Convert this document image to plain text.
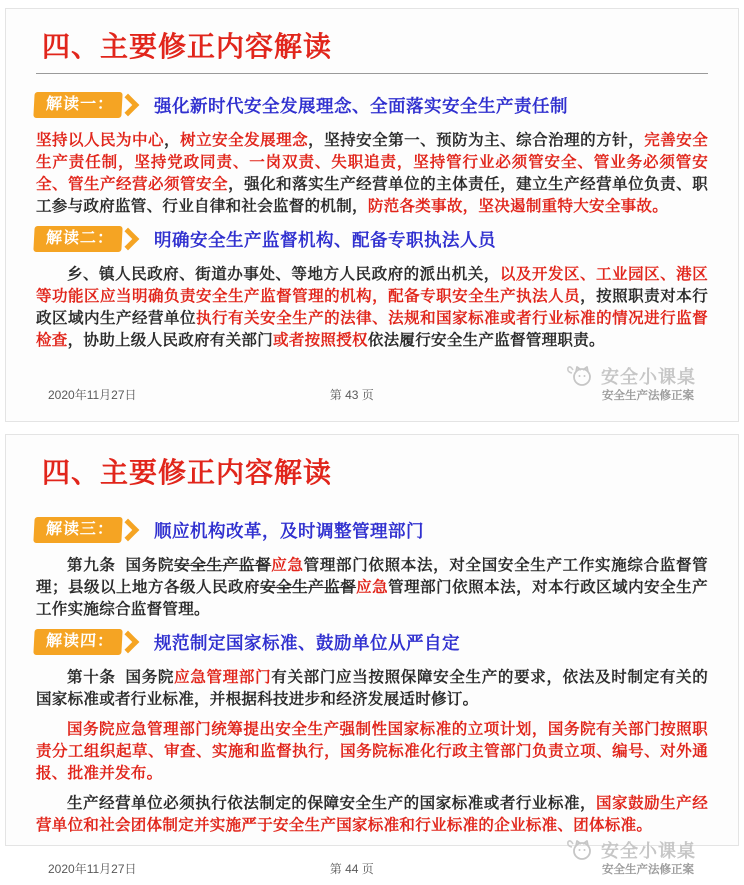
四、主要修正内容解读
解读一：	强化新时代安全发展理念、全面落实安全生产责任制

坚持以人民为中心，树立安全发展理念，坚持安全第一、预防为主、综合治理的方针，完善安全生产责任制，坚持党政同责、一岗双责、失职追责，坚持管行业必须管安全、管业务必须管安全、管生产经营必须管安全，强化和落实生产经营单位的主体责任，建立生产经营单位负责、职工参与政府监管、行业自律和社会监督的机制，防范各类事故，坚决遏制重特大安全事故。

解读二：	明确安全生产监督机构、配备专职执法人员

乡、镇人民政府、街道办事处、等地方人民政府的派出机关，以及开发区、工业园区、港区等功能区应当明确负责安全生产监督管理的机构，配备专职安全生产执法人员，按照职责对本行政区域内生产经营单位执行有关安全生产的法律、法规和国家标准或者行业标准的情况进行监督检查，协助上级人民政府有关部门或者按照授权依法履行安全生产监督管理职责。

2020年11月27日	第 43 页
安全小课桌
安全生产法修正案
四、主要修正内容解读
解读三：	顺应机构改革，及时调整管理部门

第九条  国务院安全生产监督应急管理部门依照本法，对全国安全生产工作实施综合监督管理；县级以上地方各级人民政府安全生产监督应急管理部门依照本法，对本行政区域内安全生产工作实施综合监督管理。

解读四：	规范制定国家标准、鼓励单位从严自定

第十条  国务院应急管理部门有关部门应当按照保障安全生产的要求，依法及时制定有关的国家标准或者行业标准，并根据科技进步和经济发展适时修订。

国务院应急管理部门统筹提出安全生产强制性国家标准的立项计划，国务院有关部门按照职责分工组织起草、审查、实施和监督执行，国务院标准化行政主管部门负责立项、编号、对外通报、批准并发布。

生产经营单位必须执行依法制定的保障安全生产的国家标准或者行业标准，国家鼓励生产经营单位和社会团体制定并实施严于安全生产国家标准和行业标准的企业标准、团体标准。

2020年11月27日	第 44 页
安全小课桌
安全生产法修正案
